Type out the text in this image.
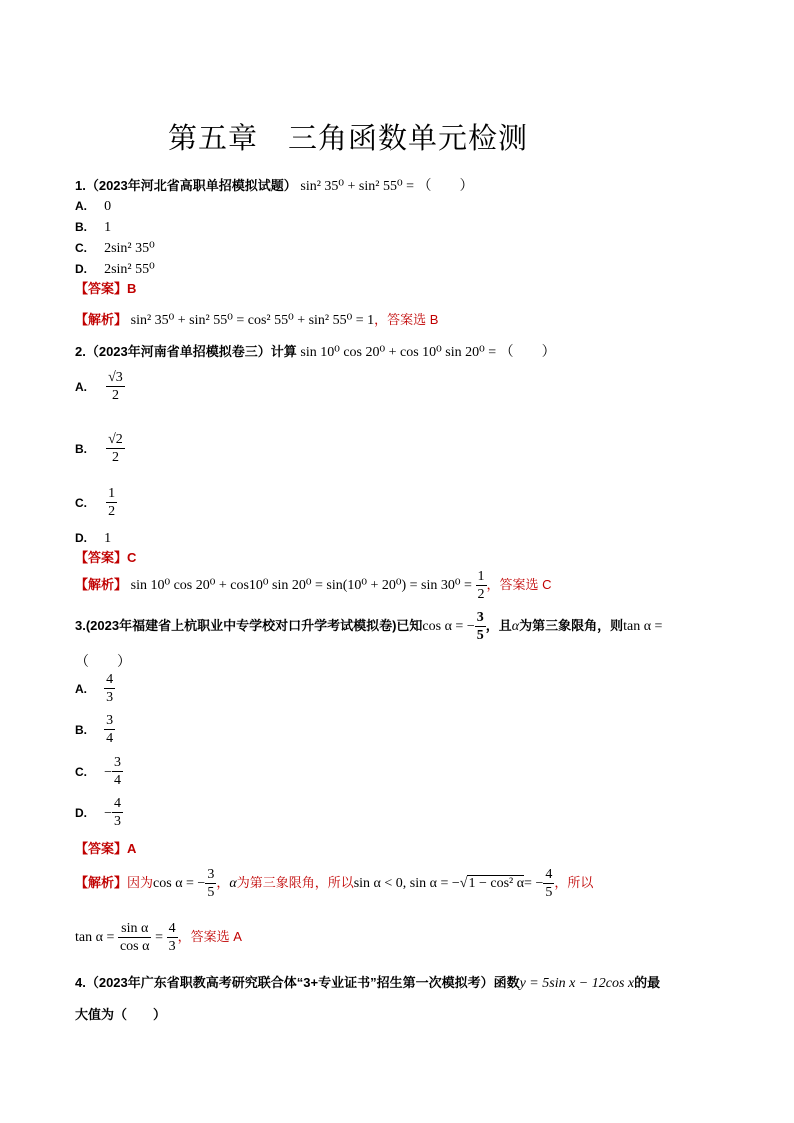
第五章 三角函数单元检测
1.（2023年河北省高职单招模拟试题） sin² 35⁰ + sin² 55⁰ = （　　）
A. 0
B. 1
C. 2sin² 35⁰
D. 2sin² 55⁰
【答案】B
【解析】 sin² 35⁰ + sin² 55⁰ = cos² 55⁰ + sin² 55⁰ = 1，答案选 B
2.（2023年河南省单招模拟卷三）计算 sin 10⁰ cos 20⁰ + cos 10⁰ sin 20⁰ = （　　）
A. $\frac{√3}{2}$
B. $\frac{√2}{2}$
C. $\frac{1}{2}$
D. 1
【答案】C
【解析】 sin 10⁰ cos 20⁰ + cos10⁰ $\sin 20^0 = \sin(10^0 + 20^0) = \sin 30^0 = \frac{1}{2}$ ，答案选 C
3.(2023年福建省上杭职业中专学校对口升学考试模拟卷)已知cos α = − $\frac{3}{5}$ ，且α为第三象限角，则tan α =
（　　）
A. $\frac{4}{3}$
B. $\frac{3}{4}$
C. − $\frac{3}{4}$
D. − $\frac{4}{3}$
【答案】A
【解析】因为cos α = − $\frac{3}{5}$ ，α为第三象限角，所以sin α < 0, sin α = −√1 − cos² $\alpha= - \frac{4}{5}$ ，所以
$\tan \alpha = \frac{\text{sin α}}{\text{cos α}} = \frac{4}{3}$ ，答案选 A
4.（2023年广东省职教高考研究联合体“3+专业证书”招生第一次模拟考）函数y = 5sin x − 12cos x的最
大值为（　　）
